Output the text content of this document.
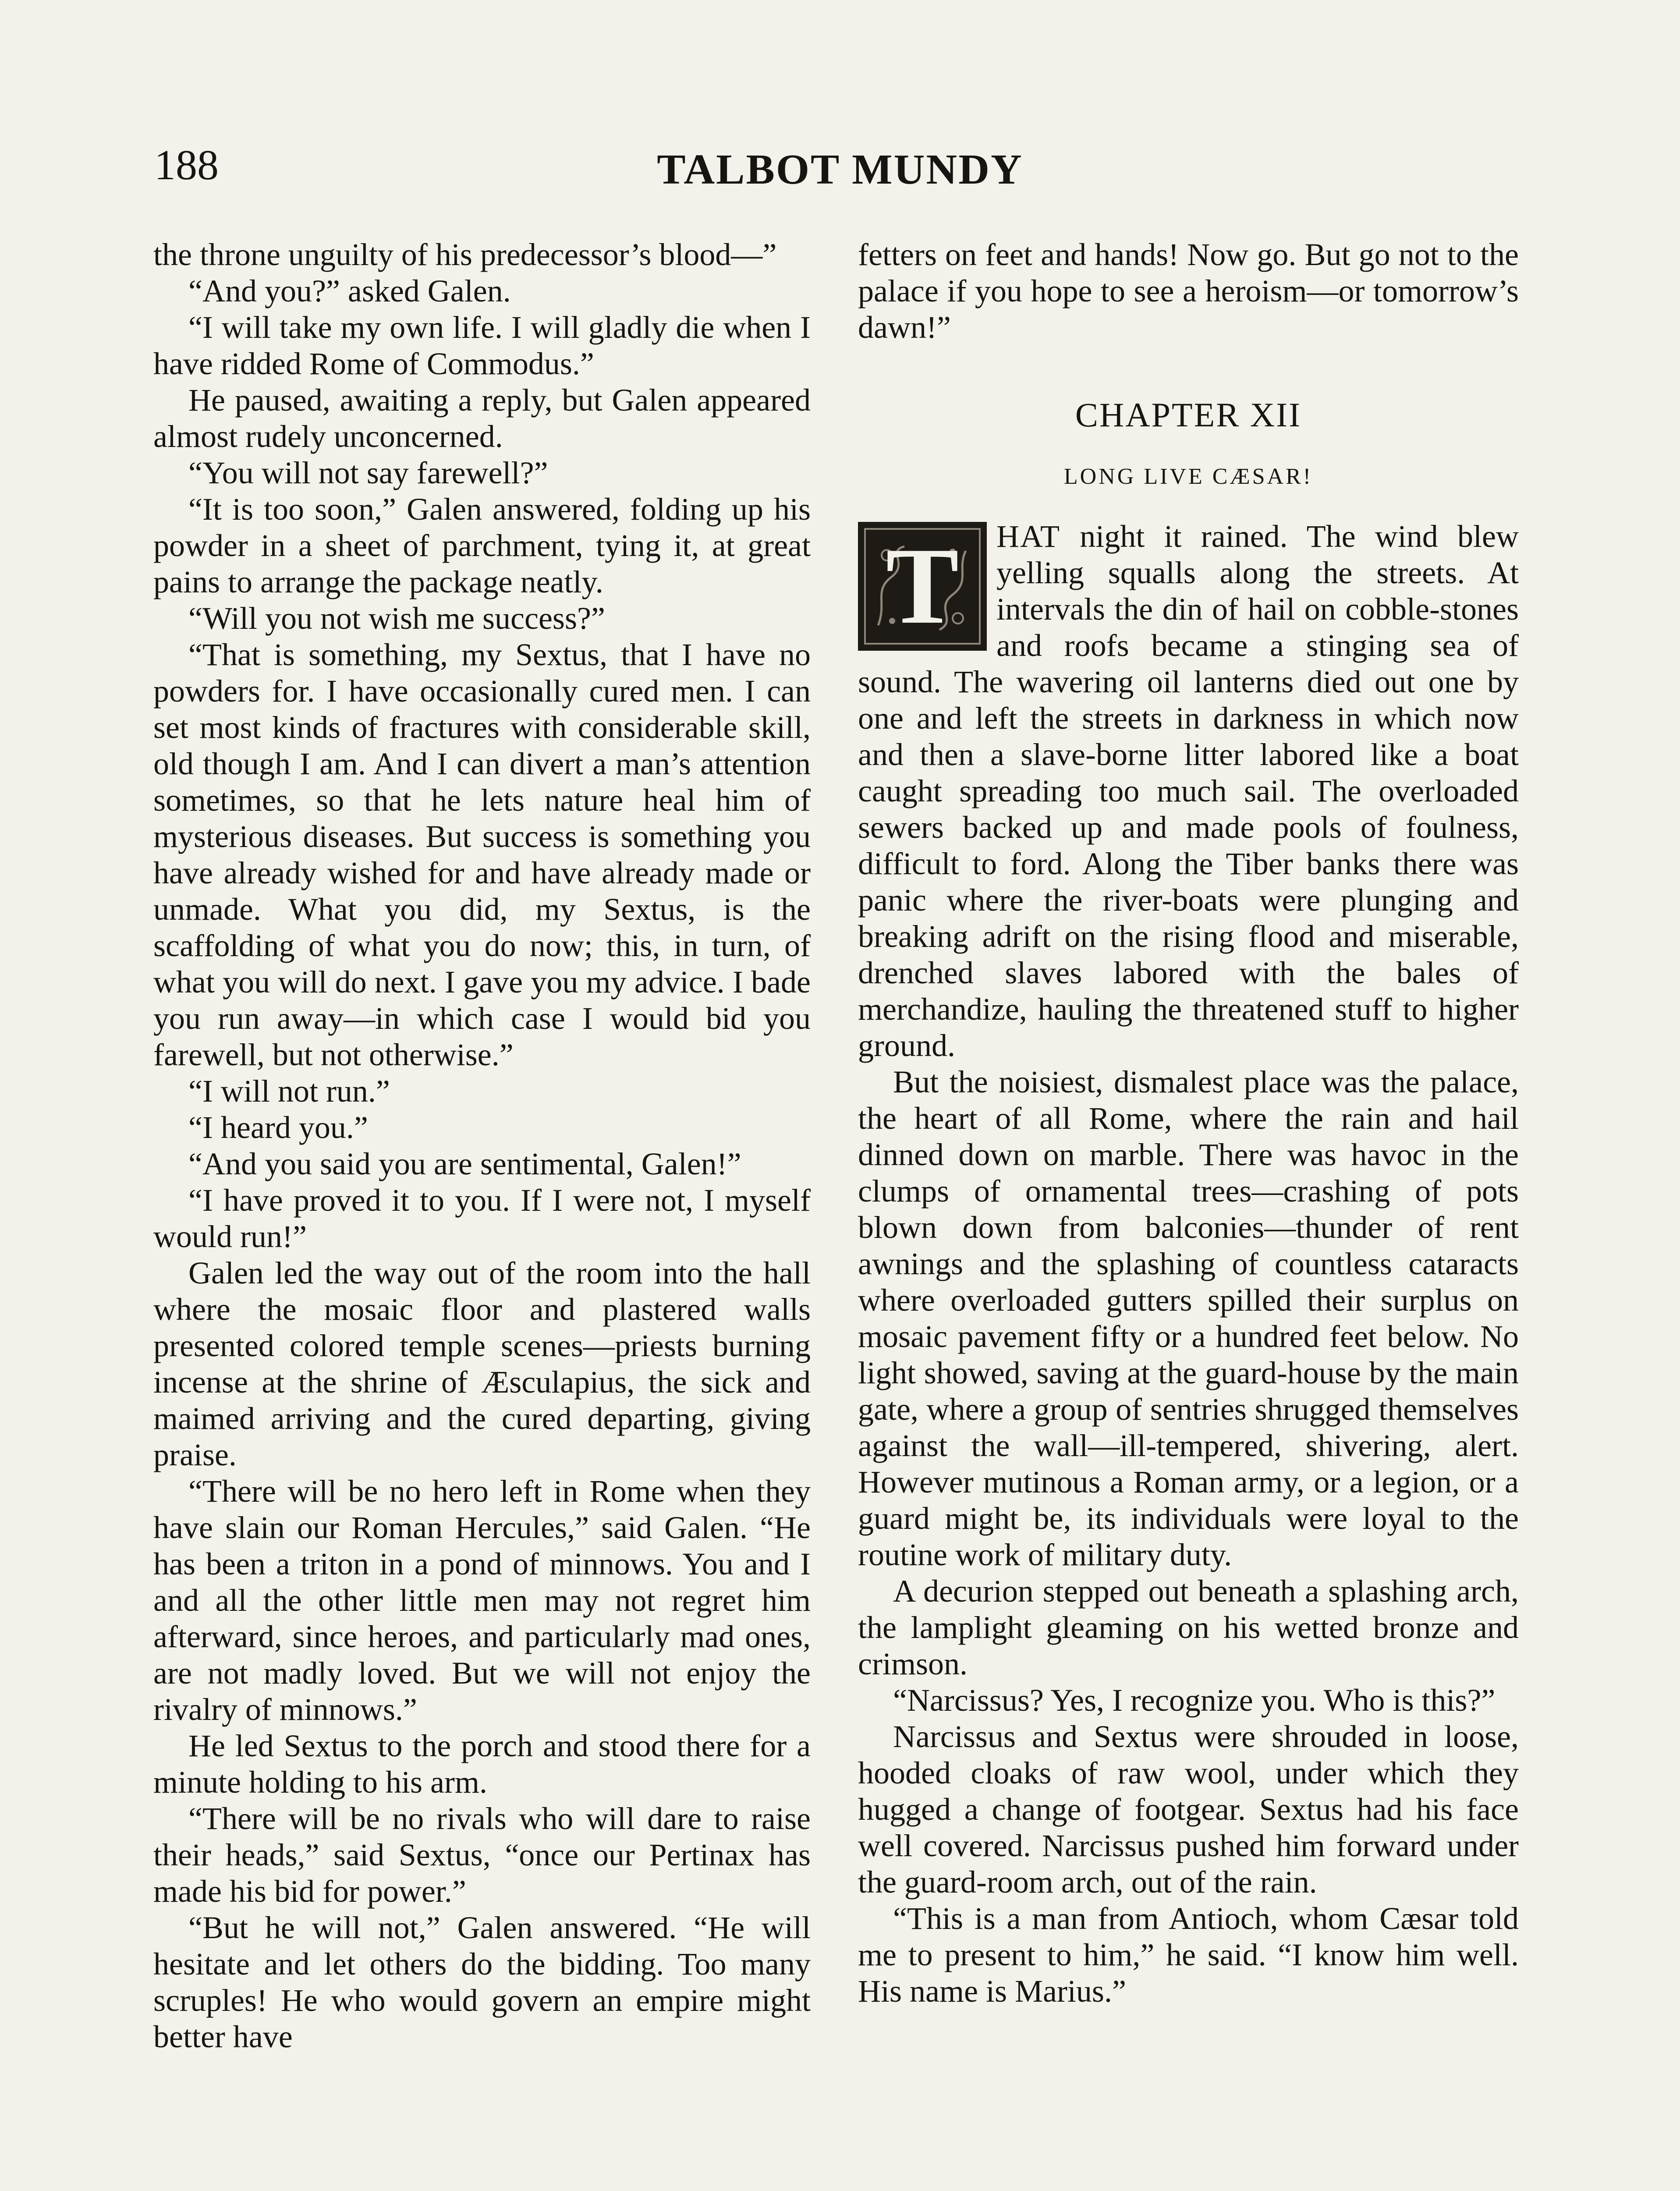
188	TALBOT MUNDY

the throne unguilty of his predecessor’s blood—”

“And you?” asked Galen.

“I will take my own life. I will gladly die when I have ridded Rome of Commodus.”

He paused, awaiting a reply, but Galen appeared almost rudely unconcerned.

“You will not say farewell?”

“It is too soon,” Galen answered, folding up his powder in a sheet of parchment, tying it, at great pains to arrange the package neatly.

“Will you not wish me success?”

“That is something, my Sextus, that I have no powders for. I have occasionally cured men. I can set most kinds of fractures with considerable skill, old though I am. And I can divert a man’s attention sometimes, so that he lets nature heal him of mysterious diseases. But success is something you have already wished for and have already made or unmade. What you did, my Sextus, is the scaffolding of what you do now; this, in turn, of what you will do next. I gave you my advice. I bade you run away—in which case I would bid you farewell, but not otherwise.”

“I will not run.”

“I heard you.”

“And you said you are sentimental, Galen!”

“I have proved it to you. If I were not, I myself would run!”

Galen led the way out of the room into the hall where the mosaic floor and plastered walls presented colored temple scenes—priests burning incense at the shrine of Æsculapius, the sick and maimed arriving and the cured departing, giving praise.

“There will be no hero left in Rome when they have slain our Roman Hercules,” said Galen. “He has been a triton in a pond of minnows. You and I and all the other little men may not regret him afterward, since heroes, and particularly mad ones, are not madly loved. But we will not enjoy the rivalry of minnows.”

He led Sextus to the porch and stood there for a minute holding to his arm.

“There will be no rivals who will dare to raise their heads,” said Sextus, “once our Pertinax has made his bid for power.”

“But he will not,” Galen answered. “He will hesitate and let others do the bidding. Too many scruples! He who would govern an empire might better have

fetters on feet and hands! Now go. But go not to the palace if you hope to see a heroism—or tomorrow’s dawn!”

CHAPTER XII
LONG LIVE CÆSAR!

T	HAT night it rained. The wind blew yelling squalls along the streets. At intervals the din of hail on cobble-stones and roofs became a stinging sea of sound. The wavering oil lanterns died out one by one and left the streets in darkness in which now and then a slave-borne litter labored like a boat caught spreading too much sail. The overloaded sewers backed up and made pools of foulness, difficult to ford. Along the Tiber banks there was panic where the river-boats were plunging and breaking adrift on the rising flood and miserable, drenched slaves labored with the bales of merchandize, hauling the threatened stuff to higher ground.

But the noisiest, dismalest place was the palace, the heart of all Rome, where the rain and hail dinned down on marble. There was havoc in the clumps of ornamental trees—crashing of pots blown down from balconies—thunder of rent awnings and the splashing of countless cataracts where overloaded gutters spilled their surplus on mosaic pavement fifty or a hundred feet below. No light showed, saving at the guard-house by the main gate, where a group of sentries shrugged themselves against the wall—ill-tempered, shivering, alert. However mutinous a Roman army, or a legion, or a guard might be, its individuals were loyal to the routine work of military duty.

A decurion stepped out beneath a splashing arch, the lamplight gleaming on his wetted bronze and crimson.

“Narcissus? Yes, I recognize you. Who is this?”

Narcissus and Sextus were shrouded in loose, hooded cloaks of raw wool, under which they hugged a change of footgear. Sextus had his face well covered. Narcissus pushed him forward under the guard-room arch, out of the rain.

“This is a man from Antioch, whom Cæsar told me to present to him,” he said. “I know him well. His name is Marius.”
